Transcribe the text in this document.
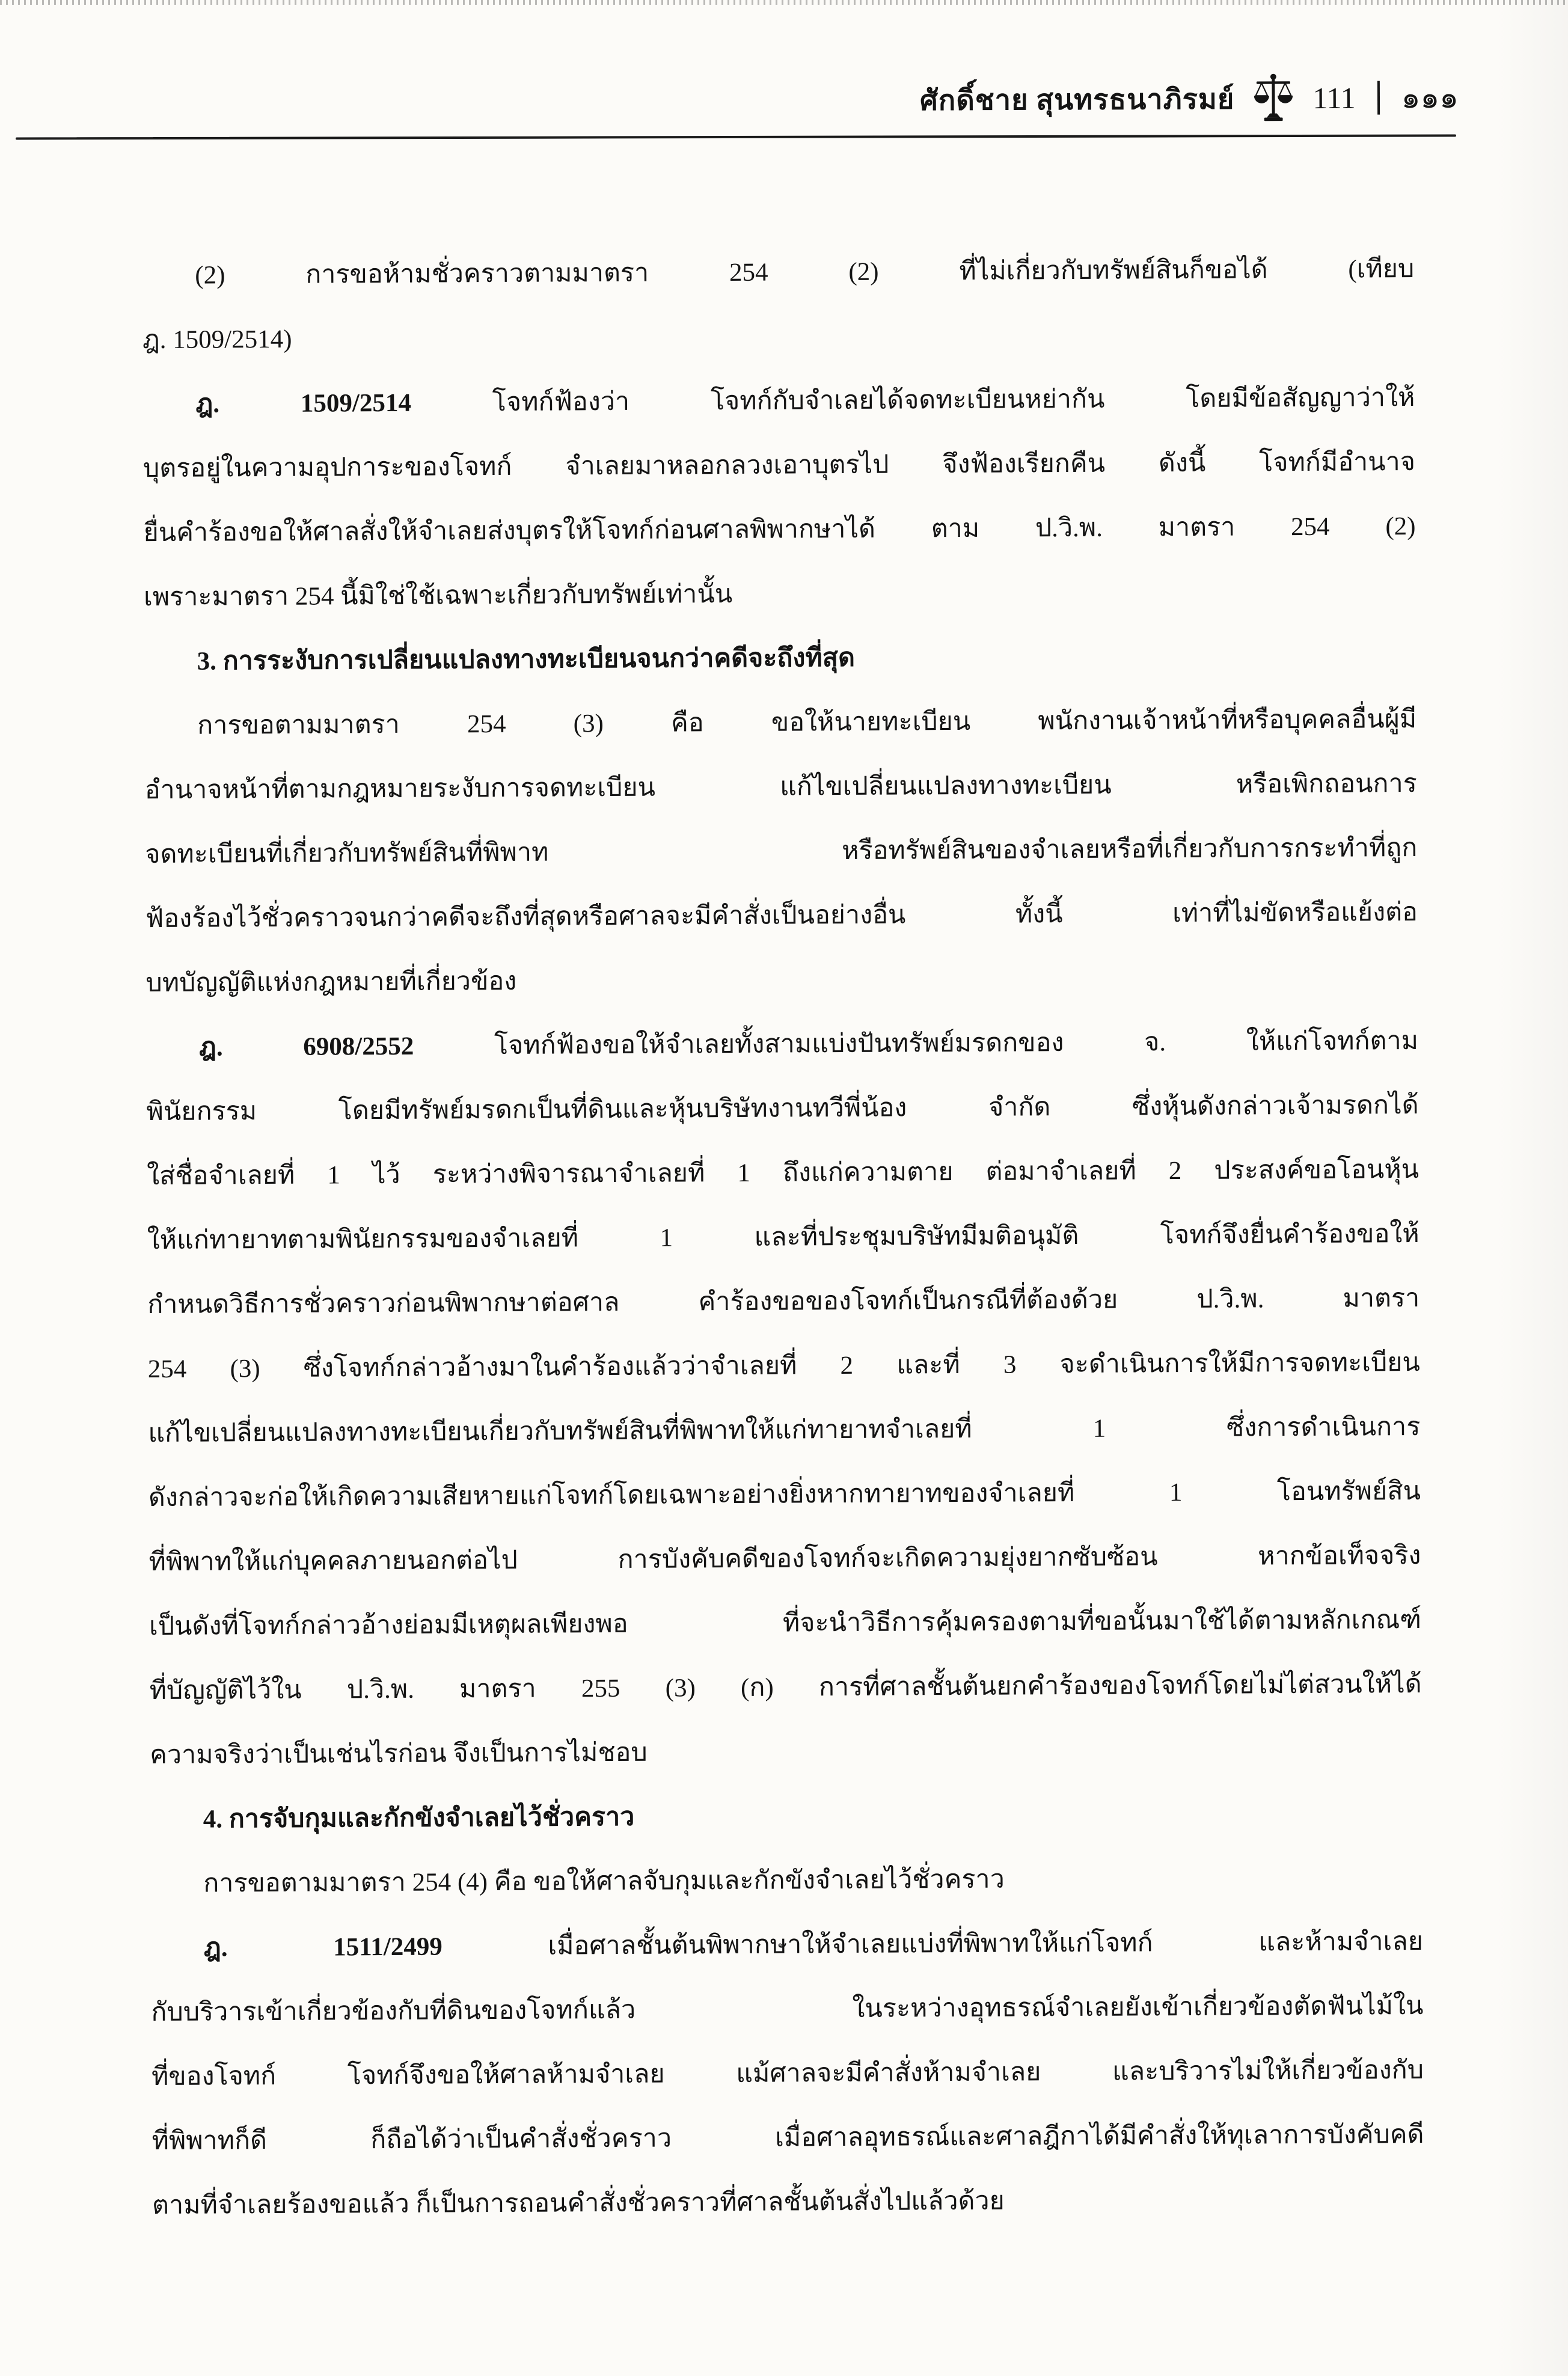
ศักดิ์ชาย สุนทรธนาภิรมย์	111 ๑๑๑
(2) การขอห้ามชั่วคราวตามมาตรา 254 (2) ที่ไม่เกี่ยวกับทรัพย์สินก็ขอได้ (เทียบ
ฎ. 1509/2514)
ฎ. 1509/2514 โจทก์ฟ้องว่า โจทก์กับจำเลยได้จดทะเบียนหย่ากัน โดยมีข้อสัญญาว่าให้
บุตรอยู่ในความอุปการะของโจทก์ จำเลยมาหลอกลวงเอาบุตรไป จึงฟ้องเรียกคืน ดังนี้ โจทก์มีอำนาจ
ยื่นคำร้องขอให้ศาลสั่งให้จำเลยส่งบุตรให้โจทก์ก่อนศาลพิพากษาได้ ตาม ป.วิ.พ. มาตรา 254 (2)
เพราะมาตรา 254 นี้มิใช่ใช้เฉพาะเกี่ยวกับทรัพย์เท่านั้น
3. การระงับการเปลี่ยนแปลงทางทะเบียนจนกว่าคดีจะถึงที่สุด
การขอตามมาตรา 254 (3) คือ ขอให้นายทะเบียน พนักงานเจ้าหน้าที่หรือบุคคลอื่นผู้มี
อำนาจหน้าที่ตามกฎหมายระงับการจดทะเบียน แก้ไขเปลี่ยนแปลงทางทะเบียน หรือเพิกถอนการ
จดทะเบียนที่เกี่ยวกับทรัพย์สินที่พิพาท หรือทรัพย์สินของจำเลยหรือที่เกี่ยวกับการกระทำที่ถูก
ฟ้องร้องไว้ชั่วคราวจนกว่าคดีจะถึงที่สุดหรือศาลจะมีคำสั่งเป็นอย่างอื่น ทั้งนี้ เท่าที่ไม่ขัดหรือแย้งต่อ
บทบัญญัติแห่งกฎหมายที่เกี่ยวข้อง
ฎ. 6908/2552 โจทก์ฟ้องขอให้จำเลยทั้งสามแบ่งปันทรัพย์มรดกของ จ. ให้แก่โจทก์ตาม
พินัยกรรม โดยมีทรัพย์มรดกเป็นที่ดินและหุ้นบริษัทงานทวีพี่น้อง จำกัด ซึ่งหุ้นดังกล่าวเจ้ามรดกได้
ใส่ชื่อจำเลยที่ 1 ไว้ ระหว่างพิจารณาจำเลยที่ 1 ถึงแก่ความตาย ต่อมาจำเลยที่ 2 ประสงค์ขอโอนหุ้น
ให้แก่ทายาทตามพินัยกรรมของจำเลยที่ 1 และที่ประชุมบริษัทมีมติอนุมัติ โจทก์จึงยื่นคำร้องขอให้
กำหนดวิธีการชั่วคราวก่อนพิพากษาต่อศาล คำร้องขอของโจทก์เป็นกรณีที่ต้องด้วย ป.วิ.พ. มาตรา
254 (3) ซึ่งโจทก์กล่าวอ้างมาในคำร้องแล้วว่าจำเลยที่ 2 และที่ 3 จะดำเนินการให้มีการจดทะเบียน
แก้ไขเปลี่ยนแปลงทางทะเบียนเกี่ยวกับทรัพย์สินที่พิพาทให้แก่ทายาทจำเลยที่ 1 ซึ่งการดำเนินการ
ดังกล่าวจะก่อให้เกิดความเสียหายแก่โจทก์โดยเฉพาะอย่างยิ่งหากทายาทของจำเลยที่ 1 โอนทรัพย์สิน
ที่พิพาทให้แก่บุคคลภายนอกต่อไป การบังคับคดีของโจทก์จะเกิดความยุ่งยากซับซ้อน หากข้อเท็จจริง
เป็นดังที่โจทก์กล่าวอ้างย่อมมีเหตุผลเพียงพอ ที่จะนำวิธีการคุ้มครองตามที่ขอนั้นมาใช้ได้ตามหลักเกณฑ์
ที่บัญญัติไว้ใน ป.วิ.พ. มาตรา 255 (3) (ก) การที่ศาลชั้นต้นยกคำร้องของโจทก์โดยไม่ไต่สวนให้ได้
ความจริงว่าเป็นเช่นไรก่อน จึงเป็นการไม่ชอบ
4. การจับกุมและกักขังจำเลยไว้ชั่วคราว
การขอตามมาตรา 254 (4) คือ ขอให้ศาลจับกุมและกักขังจำเลยไว้ชั่วคราว
ฎ. 1511/2499 เมื่อศาลชั้นต้นพิพากษาให้จำเลยแบ่งที่พิพาทให้แก่โจทก์ และห้ามจำเลย
กับบริวารเข้าเกี่ยวข้องกับที่ดินของโจทก์แล้ว ในระหว่างอุทธรณ์จำเลยยังเข้าเกี่ยวข้องตัดฟันไม้ใน
ที่ของโจทก์ โจทก์จึงขอให้ศาลห้ามจำเลย แม้ศาลจะมีคำสั่งห้ามจำเลย และบริวารไม่ให้เกี่ยวข้องกับ
ที่พิพาทก็ดี ก็ถือได้ว่าเป็นคำสั่งชั่วคราว เมื่อศาลอุทธรณ์และศาลฎีกาได้มีคำสั่งให้ทุเลาการบังคับคดี
ตามที่จำเลยร้องขอแล้ว ก็เป็นการถอนคำสั่งชั่วคราวที่ศาลชั้นต้นสั่งไปแล้วด้วย
